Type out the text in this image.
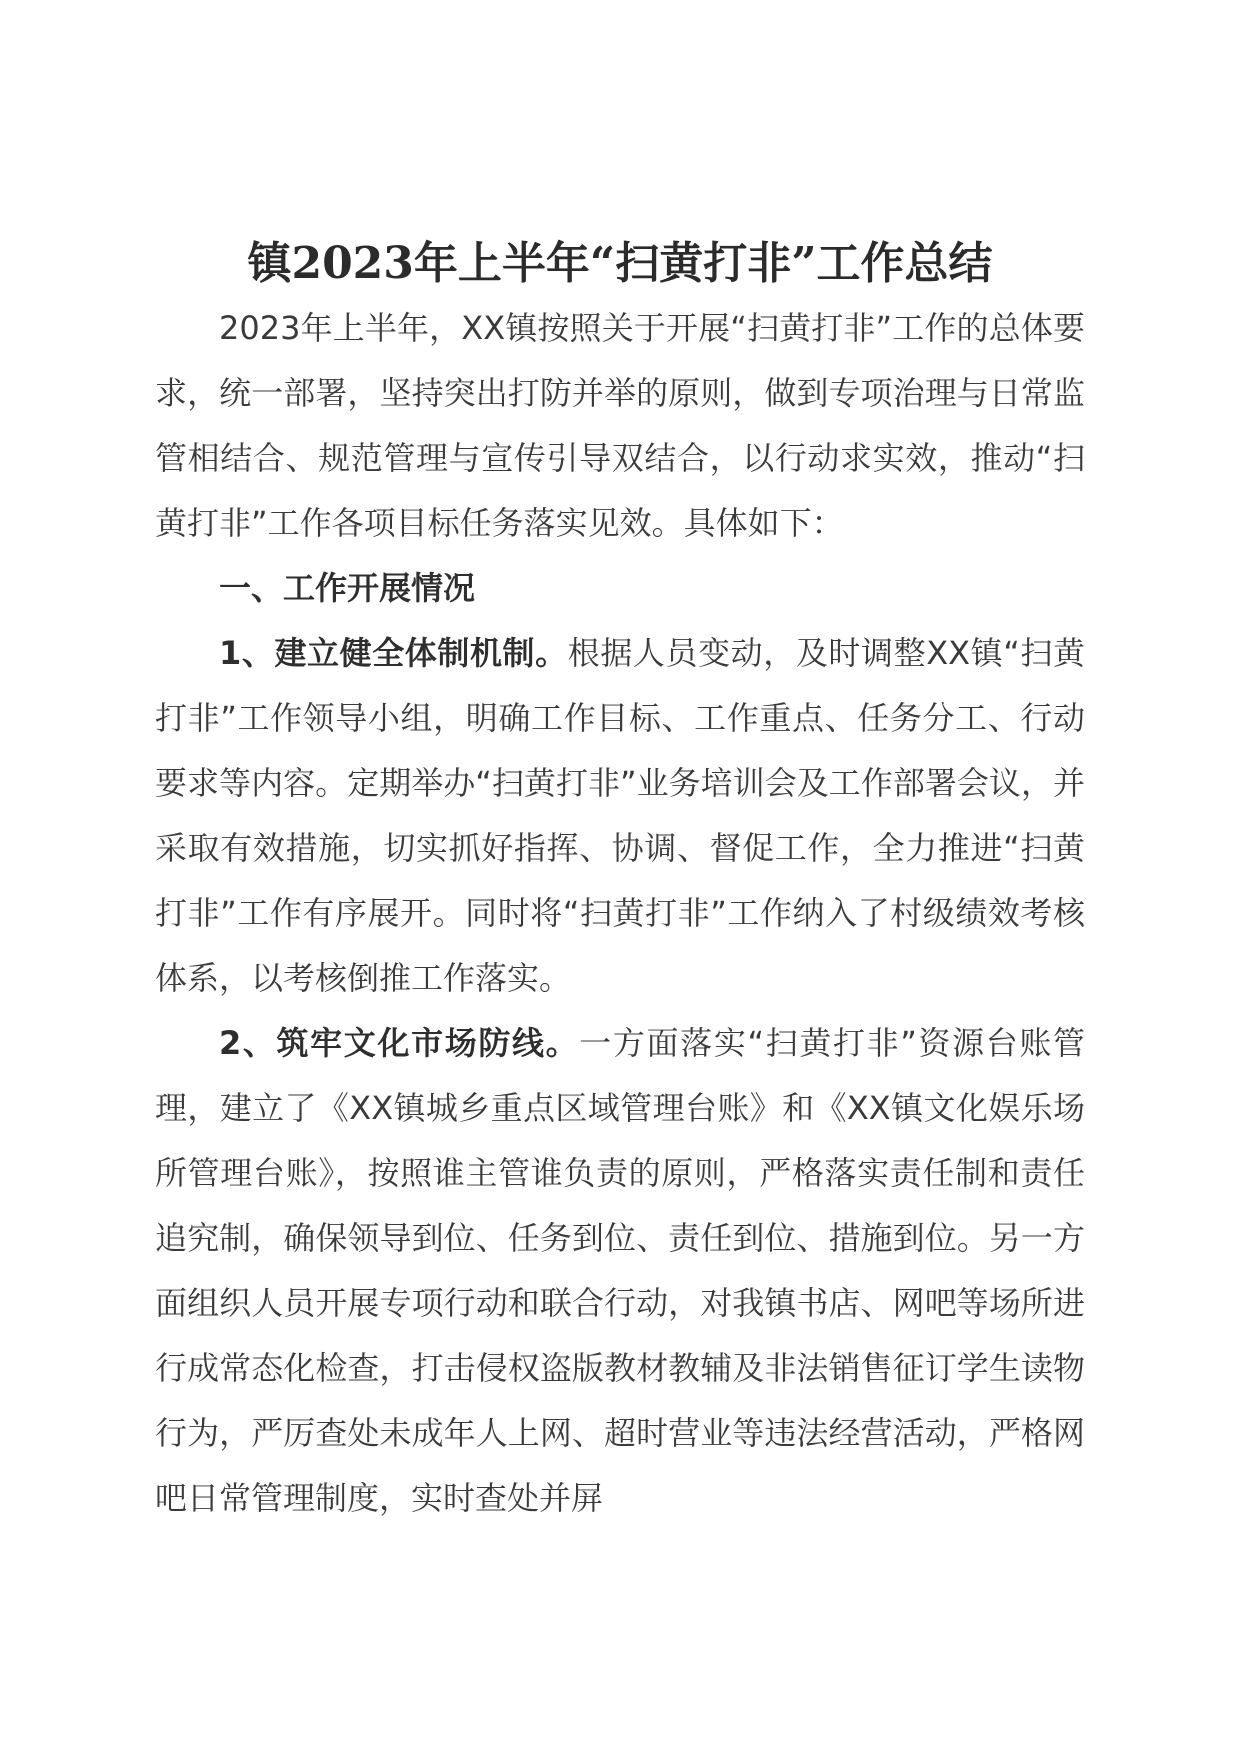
镇2023年上半年“扫黄打非”工作总结

2023年上半年，XX镇按照关于开展“扫黄打非”工作的总体要求，统一部署，坚持突出打防并举的原则，做到专项治理与日常监管相结合、规范管理与宣传引导双结合，以行动求实效，推动“扫黄打非”工作各项目标任务落实见效。具体如下：

一、工作开展情况

1、建立健全体制机制。根据人员变动，及时调整XX镇“扫黄打非”工作领导小组，明确工作目标、工作重点、任务分工、行动要求等内容。定期举办“扫黄打非”业务培训会及工作部署会议，并采取有效措施，切实抓好指挥、协调、督促工作，全力推进“扫黄打非”工作有序展开。同时将“扫黄打非”工作纳入了村级绩效考核体系，以考核倒推工作落实。

2、筑牢文化市场防线。一方面落实“扫黄打非”资源台账管理，建立了《XX镇城乡重点区域管理台账》和《XX镇文化娱乐场所管理台账》，按照谁主管谁负责的原则，严格落实责任制和责任追究制，确保领导到位、任务到位、责任到位、措施到位。另一方面组织人员开展专项行动和联合行动，对我镇书店、网吧等场所进行成常态化检查，打击侵权盗版教材教辅及非法销售征订学生读物行为，严厉查处未成年人上网、超时营业等违法经营活动，严格网吧日常管理制度，实时查处并屏
